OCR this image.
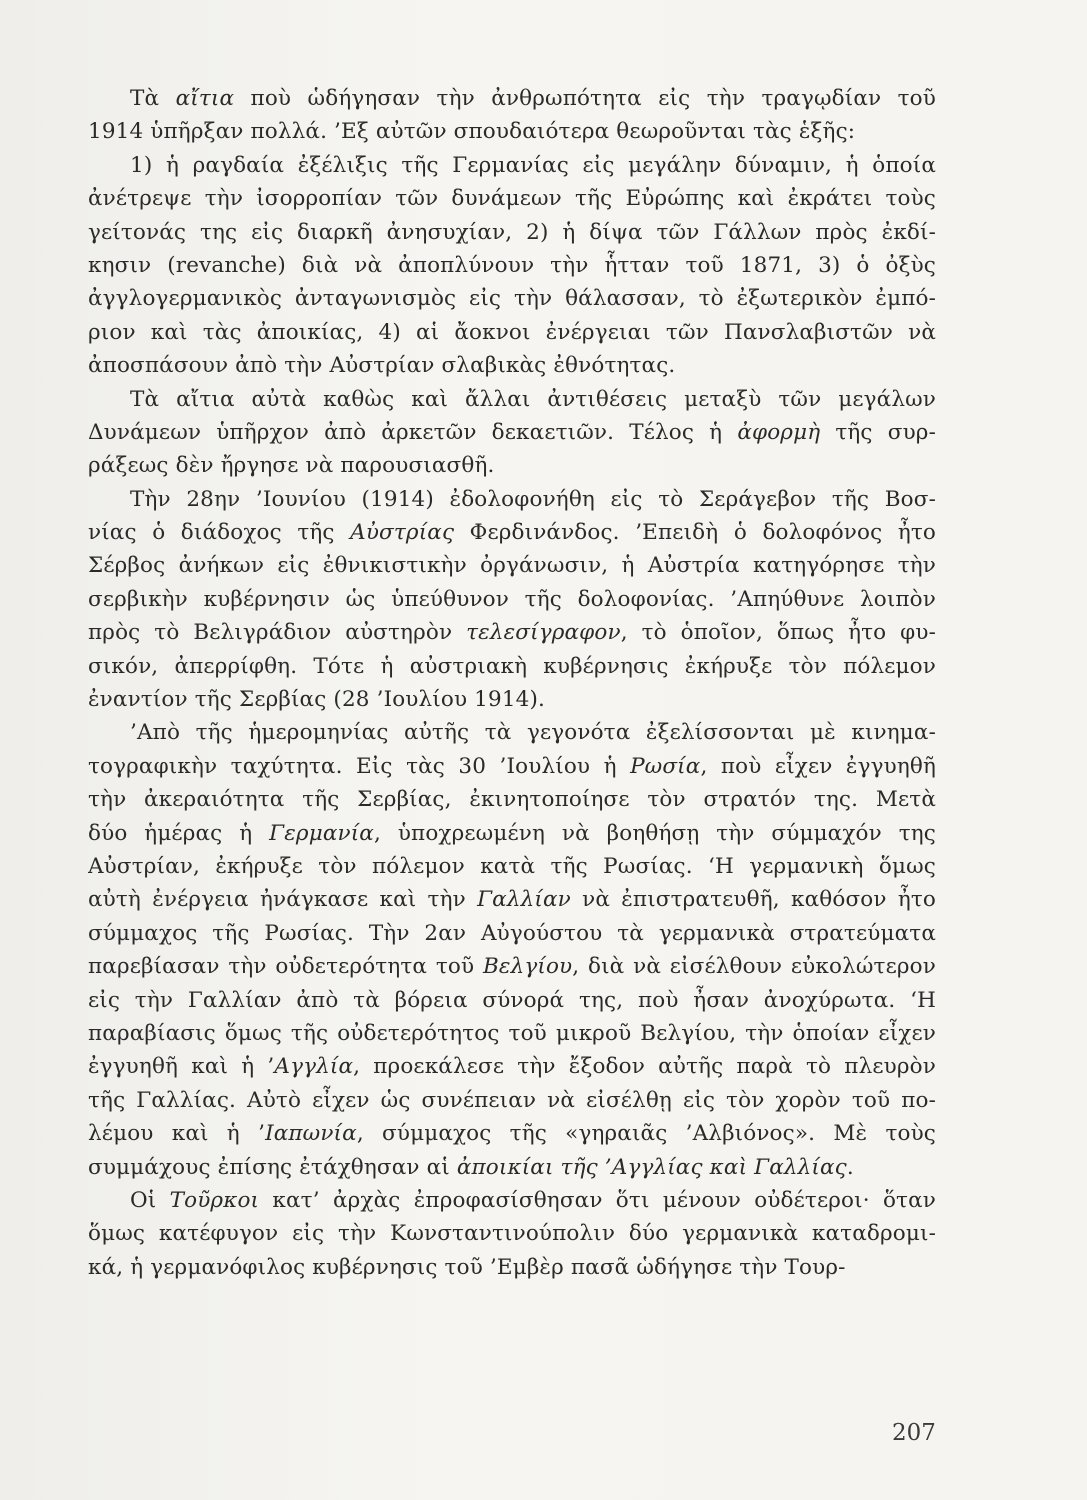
Τὰ αἴτια ποὺ ὡδήγησαν τὴν ἀνθρωπότητα εἰς τὴν τραγῳδίαν τοῦ
1914 ὑπῆρξαν πολλά. ’Εξ αὐτῶν σπουδαιότερα θεωροῦνται τὰς ἑξῆς:
1) ἡ ραγδαία ἐξέλιξις τῆς Γερμανίας εἰς μεγάλην δύναμιν, ἡ ὁποία
ἀνέτρεψε τὴν ἰσορροπίαν τῶν δυνάμεων τῆς Εὐρώπης καὶ ἐκράτει τοὺς
γείτονάς της εἰς διαρκῆ ἀνησυχίαν, 2) ἡ δίψα τῶν Γάλλων πρὸς ἐκδί-
κησιν (revanche) διὰ νὰ ἀποπλύνουν τὴν ἧτταν τοῦ 1871, 3) ὁ ὀξὺς
ἀγγλογερμανικὸς ἀνταγωνισμὸς εἰς τὴν θάλασσαν, τὸ ἐξωτερικὸν ἐμπό-
ριον καὶ τὰς ἀποικίας, 4) αἱ ἄοκνοι ἐνέργειαι τῶν Πανσλαβιστῶν νὰ
ἀποσπάσουν ἀπὸ τὴν Αὐστρίαν σλαβικὰς ἐθνότητας.
Τὰ αἴτια αὐτὰ καθὼς καὶ ἄλλαι ἀντιθέσεις μεταξὺ τῶν μεγάλων
Δυνάμεων ὑπῆρχον ἀπὸ ἀρκετῶν δεκαετιῶν. Τέλος ἡ ἀφορμὴ τῆς συρ-
ράξεως δὲν ἤργησε νὰ παρουσιασθῆ.
Τὴν 28ην ’Ιουνίου (1914) ἐδολοφονήθη εἰς τὸ Σεράγεβον τῆς Βοσ-
νίας ὁ διάδοχος τῆς Αὐστρίας Φερδινάνδος. ’Επειδὴ ὁ δολοφόνος ἦτο
Σέρβος ἀνήκων εἰς ἐθνικιστικὴν ὀργάνωσιν, ἡ Αὐστρία κατηγόρησε τὴν
σερβικὴν κυβέρνησιν ὡς ὑπεύθυνον τῆς δολοφονίας. ’Απηύθυνε λοιπὸν
πρὸς τὸ Βελιγράδιον αὐστηρὸν τελεσίγραφον, τὸ ὁποῖον, ὅπως ἦτο φυ-
σικόν, ἀπερρίφθη. Τότε ἡ αὐστριακὴ κυβέρνησις ἐκήρυξε τὸν πόλεμον
ἐναντίον τῆς Σερβίας (28 ’Ιουλίου 1914).
’Απὸ τῆς ἡμερομηνίας αὐτῆς τὰ γεγονότα ἐξελίσσονται μὲ κινημα-
τογραφικὴν ταχύτητα. Εἰς τὰς 30 ’Ιουλίου ἡ Ρωσία, ποὺ εἶχεν ἐγγυηθῆ
τὴν ἀκεραιότητα τῆς Σερβίας, ἐκινητοποίησε τὸν στρατόν της. Μετὰ
δύο ἡμέρας ἡ Γερμανία, ὑποχρεωμένη νὰ βοηθήσῃ τὴν σύμμαχόν της
Αὐστρίαν, ἐκήρυξε τὸν πόλεμον κατὰ τῆς Ρωσίας. ‘Η γερμανικὴ ὅμως
αὐτὴ ἐνέργεια ἠνάγκασε καὶ τὴν Γαλλίαν νὰ ἐπιστρατευθῆ, καθόσον ἦτο
σύμμαχος τῆς Ρωσίας. Τὴν 2αν Αὐγούστου τὰ γερμανικὰ στρατεύματα
παρεβίασαν τὴν οὐδετερότητα τοῦ Βελγίου, διὰ νὰ εἰσέλθουν εὐκολώτερον
εἰς τὴν Γαλλίαν ἀπὸ τὰ βόρεια σύνορά της, ποὺ ἦσαν ἀνοχύρωτα. ‘Η
παραβίασις ὅμως τῆς οὐδετερότητος τοῦ μικροῦ Βελγίου, τὴν ὁποίαν εἶχεν
ἐγγυηθῆ καὶ ἡ ’Αγγλία, προεκάλεσε τὴν ἔξοδον αὐτῆς παρὰ τὸ πλευρὸν
τῆς Γαλλίας. Αὐτὸ εἶχεν ὡς συνέπειαν νὰ εἰσέλθῃ εἰς τὸν χορὸν τοῦ πο-
λέμου καὶ ἡ ’Ιαπωνία, σύμμαχος τῆς «γηραιᾶς ’Αλβιόνος». Μὲ τοὺς
συμμάχους ἐπίσης ἐτάχθησαν αἱ ἀποικίαι τῆς ’Αγγλίας καὶ Γαλλίας.
Οἱ Τοῦρκοι κατ’ ἀρχὰς ἐπροφασίσθησαν ὅτι μένουν οὐδέτεροι· ὅταν
ὅμως κατέφυγον εἰς τὴν Κωνσταντινούπολιν δύο γερμανικὰ καταδρομι-
κά, ἡ γερμανόφιλος κυβέρνησις τοῦ ’Εμβὲρ πασᾶ ὡδήγησε τὴν Τουρ-
207
